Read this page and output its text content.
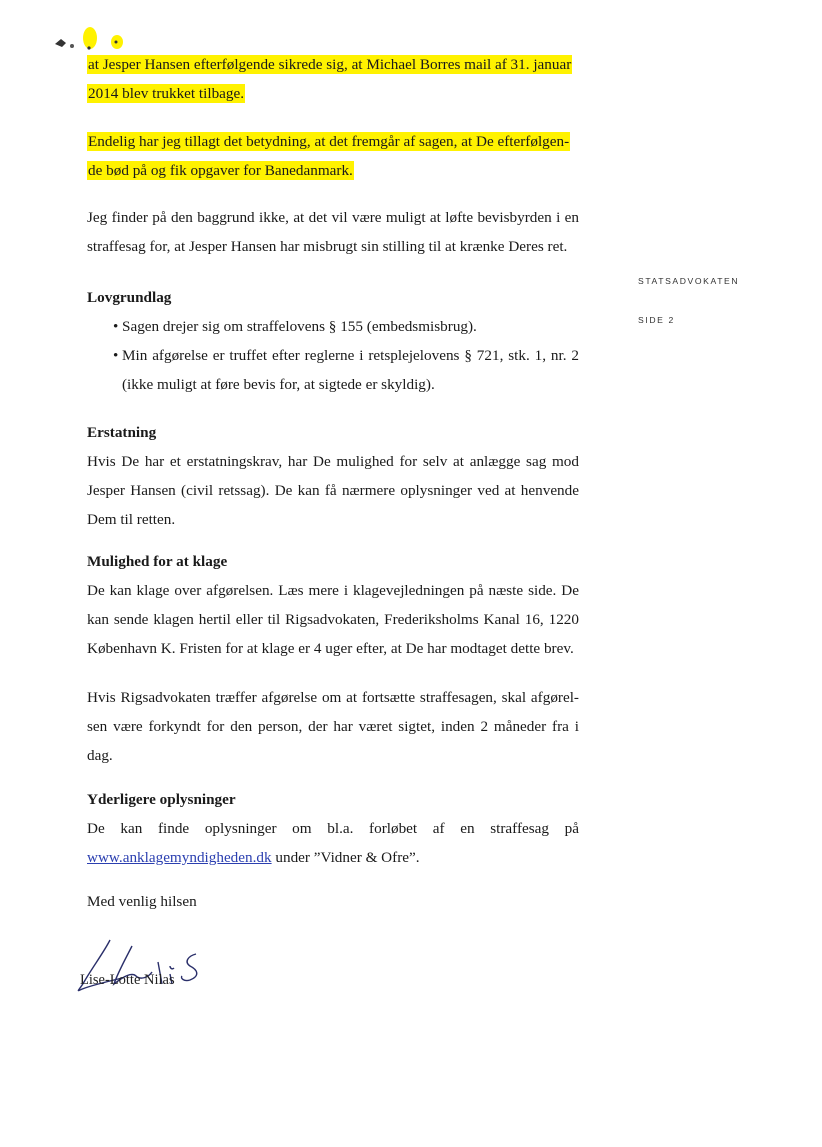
at Jesper Hansen efterfølgende sikrede sig, at Michael Borres mail af 31. januar
2014 blev trukket tilbage.
Endelig har jeg tillagt det betydning, at det fremgår af sagen, at De efterfølgen-
de bød på og fik opgaver for Banedanmark.

Jeg finder på den baggrund ikke, at det vil være muligt at løfte bevisbyrden i en straffesag for, at Jesper Hansen har misbrugt sin stilling til at krænke Deres ret.

STATSADVOKATEN
SIDE 2

Lovgrundlag

• Sagen drejer sig om straffelovens § 155 (embedsmisbrug).
• Min afgørelse er truffet efter reglerne i retsplejelovens § 721, stk. 1, nr. 2 (ikke muligt at føre bevis for, at sigtede er skyldig).

Erstatning

Hvis De har et erstatningskrav, har De mulighed for selv at anlægge sag mod Jesper Hansen (civil retssag). De kan få nærmere oplysninger ved at henvende Dem til retten.

Mulighed for at klage

De kan klage over afgørelsen. Læs mere i klagevejledningen på næste side. De kan sende klagen hertil eller til Rigsadvokaten, Frederiksholms Kanal 16, 1220 København K. Fristen for at klage er 4 uger efter, at De har modtaget dette brev.

Hvis Rigsadvokaten træffer afgørelse om at fortsætte straffesagen, skal afgørel-sen være forkyndt for den person, der har været sigtet, inden 2 måneder fra i dag.

Yderligere oplysninger

De kan finde oplysninger om bl.a. forløbet af en straffesag på
www.anklagemyndigheden.dk under ”Vidner & Ofre”.

Med venlig hilsen

Lise-Lotte Nilas
